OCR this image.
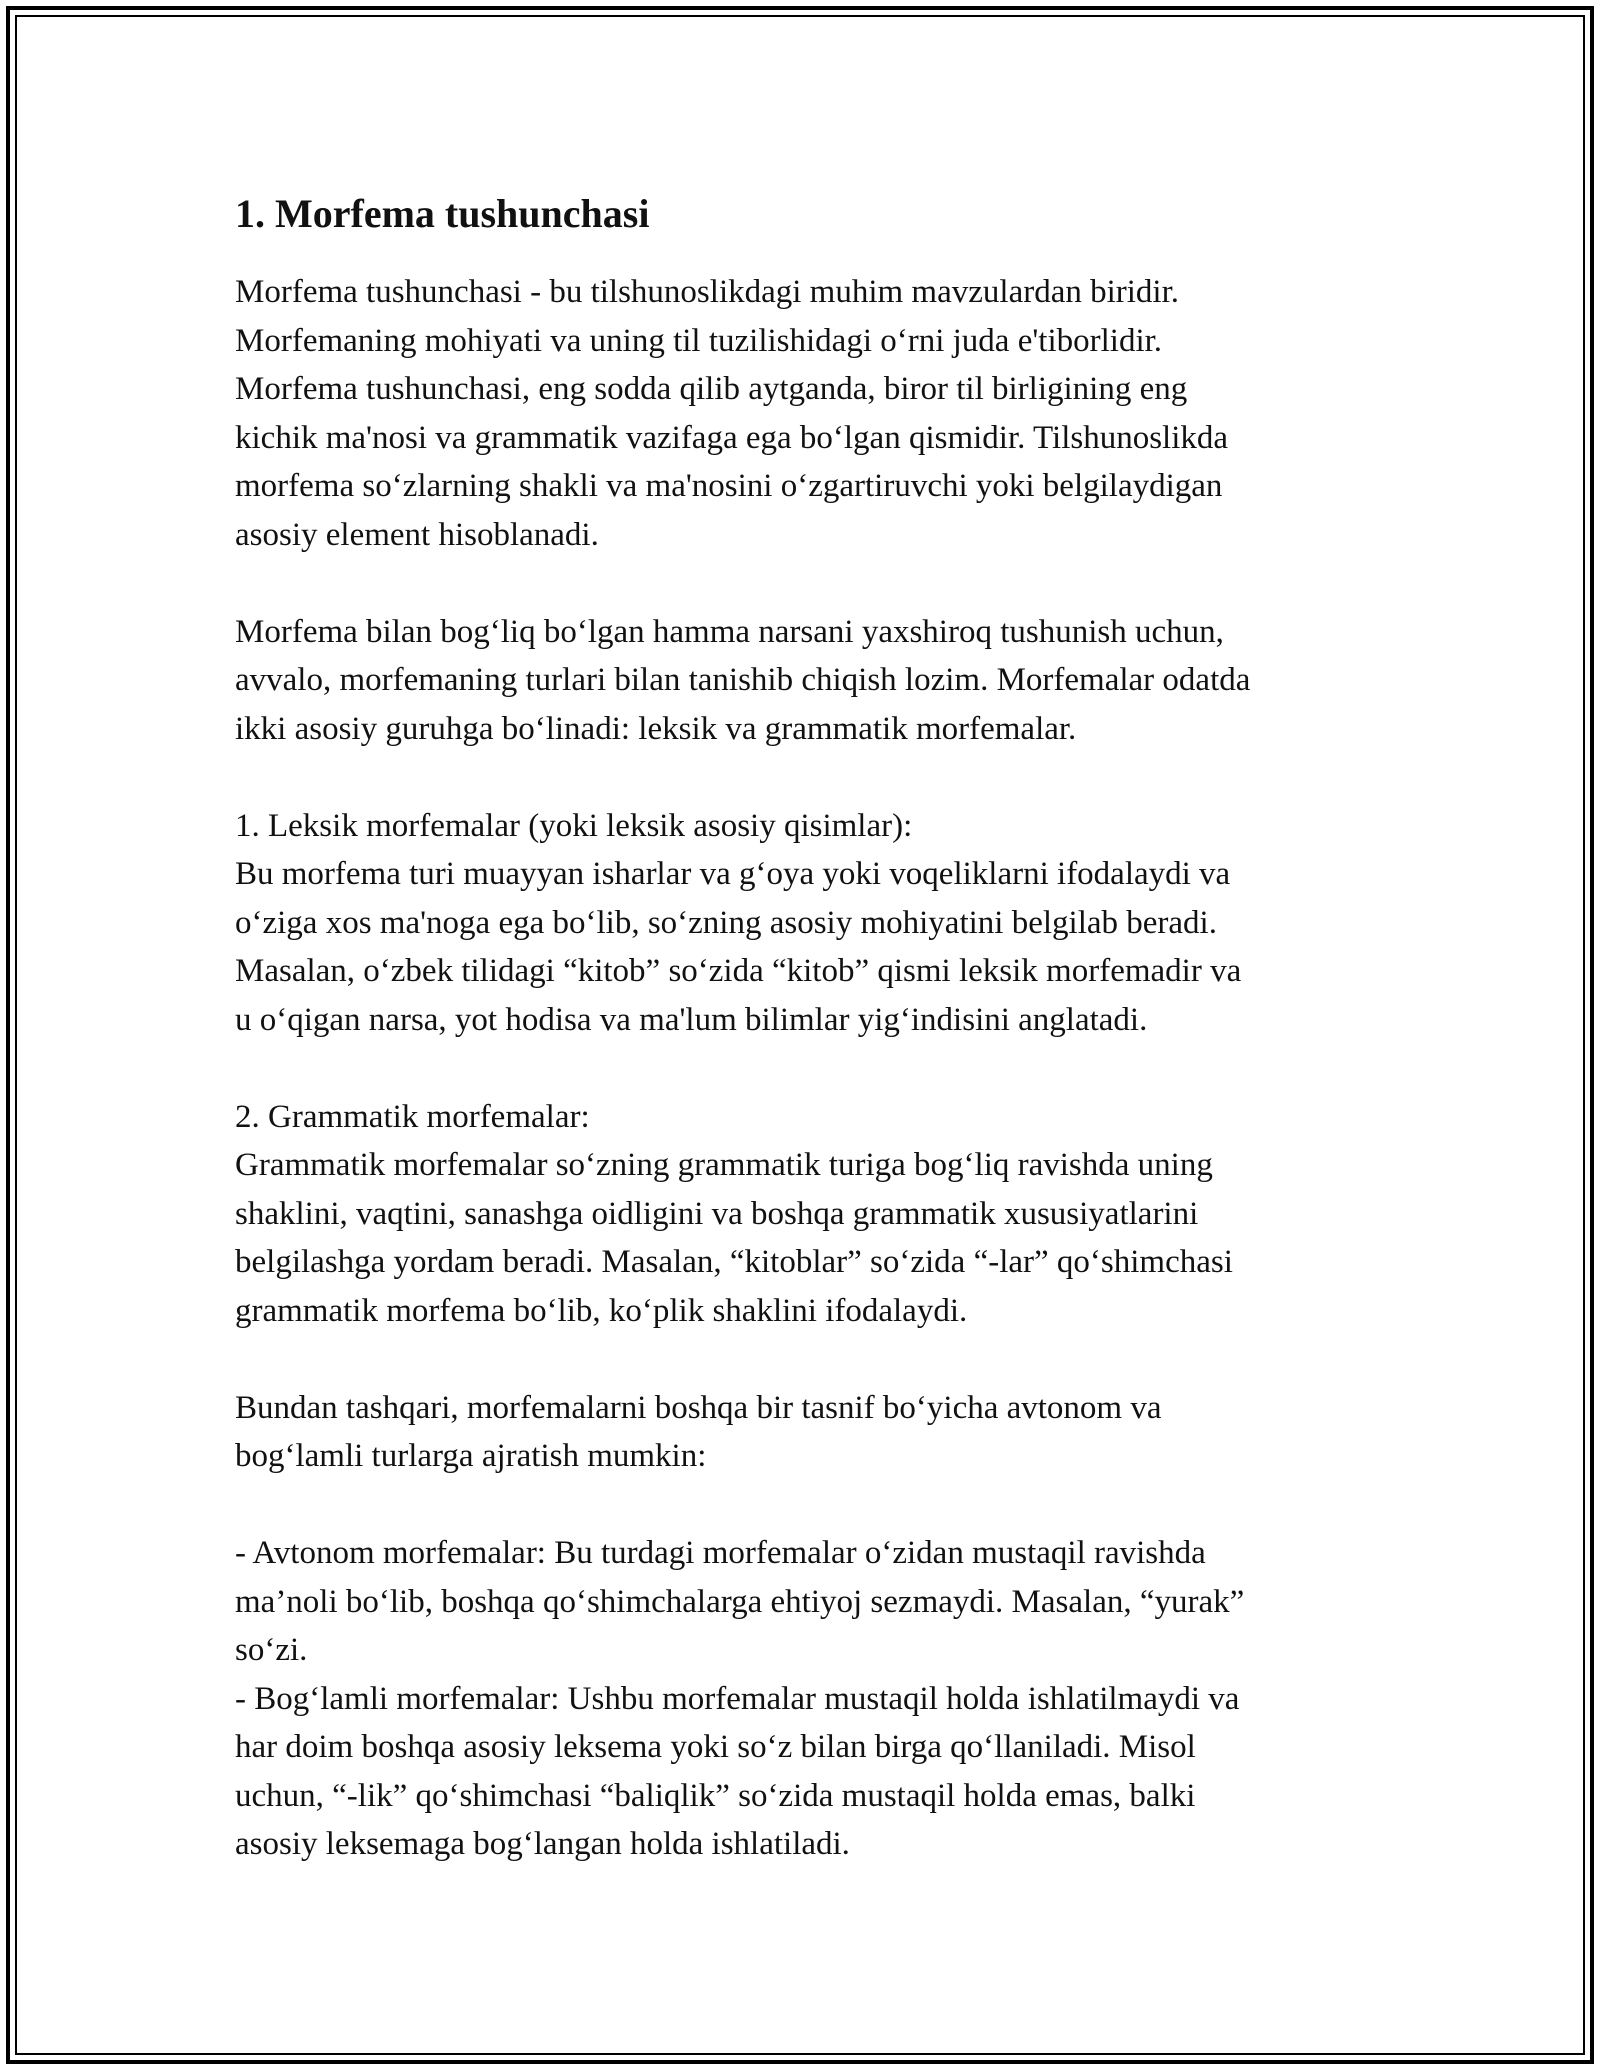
1. Morfema tushunchasi
Morfema tushunchasi - bu tilshunoslikdagi muhim mavzulardan biridir.
Morfemaning mohiyati va uning til tuzilishidagi o‘rni juda e'tiborlidir.
Morfema tushunchasi, eng sodda qilib aytganda, biror til birligining eng
kichik ma'nosi va grammatik vazifaga ega bo‘lgan qismidir. Tilshunoslikda
morfema so‘zlarning shakli va ma'nosini o‘zgartiruvchi yoki belgilaydigan
asosiy element hisoblanadi.
Morfema bilan bog‘liq bo‘lgan hamma narsani yaxshiroq tushunish uchun,
avvalo, morfemaning turlari bilan tanishib chiqish lozim. Morfemalar odatda
ikki asosiy guruhga bo‘linadi: leksik va grammatik morfemalar.
1. Leksik morfemalar (yoki leksik asosiy qisimlar):
Bu morfema turi muayyan isharlar va g‘oya yoki voqeliklarni ifodalaydi va
o‘ziga xos ma'noga ega bo‘lib, so‘zning asosiy mohiyatini belgilab beradi.
Masalan, o‘zbek tilidagi “kitob” so‘zida “kitob” qismi leksik morfemadir va
u o‘qigan narsa, yot hodisa va ma'lum bilimlar yig‘indisini anglatadi.
2. Grammatik morfemalar:
Grammatik morfemalar so‘zning grammatik turiga bog‘liq ravishda uning
shaklini, vaqtini, sanashga oidligini va boshqa grammatik xususiyatlarini
belgilashga yordam beradi. Masalan, “kitoblar” so‘zida “-lar” qo‘shimchasi
grammatik morfema bo‘lib, ko‘plik shaklini ifodalaydi.
Bundan tashqari, morfemalarni boshqa bir tasnif bo‘yicha avtonom va
bog‘lamli turlarga ajratish mumkin:
- Avtonom morfemalar: Bu turdagi morfemalar o‘zidan mustaqil ravishda
ma’noli bo‘lib, boshqa qo‘shimchalarga ehtiyoj sezmaydi. Masalan, “yurak”
so‘zi.
- Bog‘lamli morfemalar: Ushbu morfemalar mustaqil holda ishlatilmaydi va
har doim boshqa asosiy leksema yoki so‘z bilan birga qo‘llaniladi. Misol
uchun, “-lik” qo‘shimchasi “baliqlik” so‘zida mustaqil holda emas, balki
asosiy leksemaga bog‘langan holda ishlatiladi.
